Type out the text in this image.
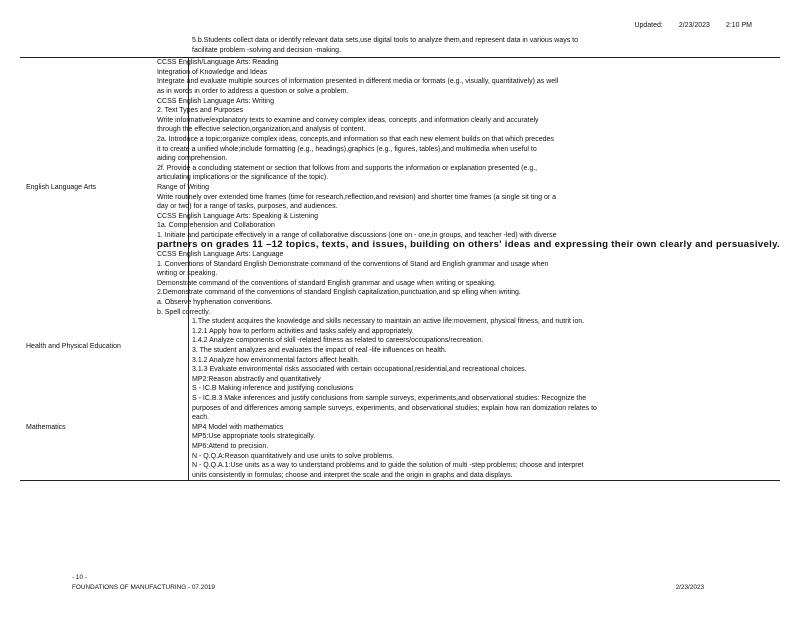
Updated: 2/23/2023 2:10 PM
5.b.Students collect data or identify relevant data sets,use digital tools to analyze them,and represent data in various ways to
facilitate problem -solving and decision -making.
English Language Arts
CCSS English/Language Arts: Reading
Integration of Knowledge and Ideas
Integrate and evaluate multiple sources of information presented in different media or formats (e.g., visually, quantitatively) as well
as in words in order to address a question or solve a problem.
CCSS English Language Arts: Writing
2. Text Types and Purposes
Write informative/explanatory texts to examine and convey complex ideas, concepts ,and information clearly and accurately
through the effective selection,organization,and analysis of content.
2a. Introduce a topic;organize complex ideas, concepts,and information so that each new element builds on that which precedes
it to create a unified whole;include formatting (e.g., headings),graphics (e.g., figures, tables),and multimedia when useful to
aiding comprehension.
2f. Provide a concluding statement or section that follows from and supports the information or explanation presented (e.g.,
articulating implications or the significance of the topic).
Range of Writing
Write routinely over extended time frames (time for research,reflection,and revision) and shorter time frames (a single sit ting or a
day or two) for a range of tasks, purposes, and audiences.
CCSS English Language Arts: Speaking & Listening
1a. Comprehension and Collaboration
1. Initiate and participate effectively in a range of collaborative discussions (one on - one,in groups, and teacher -led) with diverse
partners on grades 11 –12 topics, texts, and issues, building on others' ideas and expressing their own clearly and persuasively.
CCSS English Language Arts: Language
1. Conventions of Standard English Demonstrate command of the conventions of Stand ard English grammar and usage when
writing or speaking.
Demonstrate command of the conventions of standard English grammar and usage when writing or speaking.
2.Demonstrate command of the conventions of standard English capitalization,punctuation,and sp elling when writing.
a. Observe hyphenation conventions.
b. Spell correctly.
Health and Physical Education
1.The student acquires the knowledge and skills necessary to maintain an active life:movement, physical fitness, and nutrit ion.
1.2.1 Apply how to perform activities and tasks safely and appropriately.
1.4.2 Analyze components of skill -related fitness as related to careers/occupations/recreation.
3. The student analyzes and evaluates the impact of real -life influences on health.
3.1.2 Analyze how environmental factors affect health.
3.1.3 Evaluate environmental risks associated with certain occupational,residential,and recreational choices.
Mathematics
MP2:Reason abstractly and quantitatively
S - IC.B Making inference and justifying conclusions
S - IC.B.3 Make inferences and justify conclusions from sample surveys, experiments,and observational studies: Recognize the
purposes of and differences among sample surveys, experiments, and observational studies; explain how ran domization relates to
each.
MP4 Model with mathematics
MP5:Use appropriate tools strategically.
MP6:Attend to precision.
N - Q.Q.A:Reason quantitatively and use units to solve problems.
N - Q.Q.A.1:Use units as a way to understand problems and to guide the solution of multi -step problems; choose and interpret
units consistently in formulas; choose and interpret the scale and the origin in graphs and data displays.
- 10 -
FOUNDATIONS OF MANUFACTURING - 07.2019	2/23/2023
